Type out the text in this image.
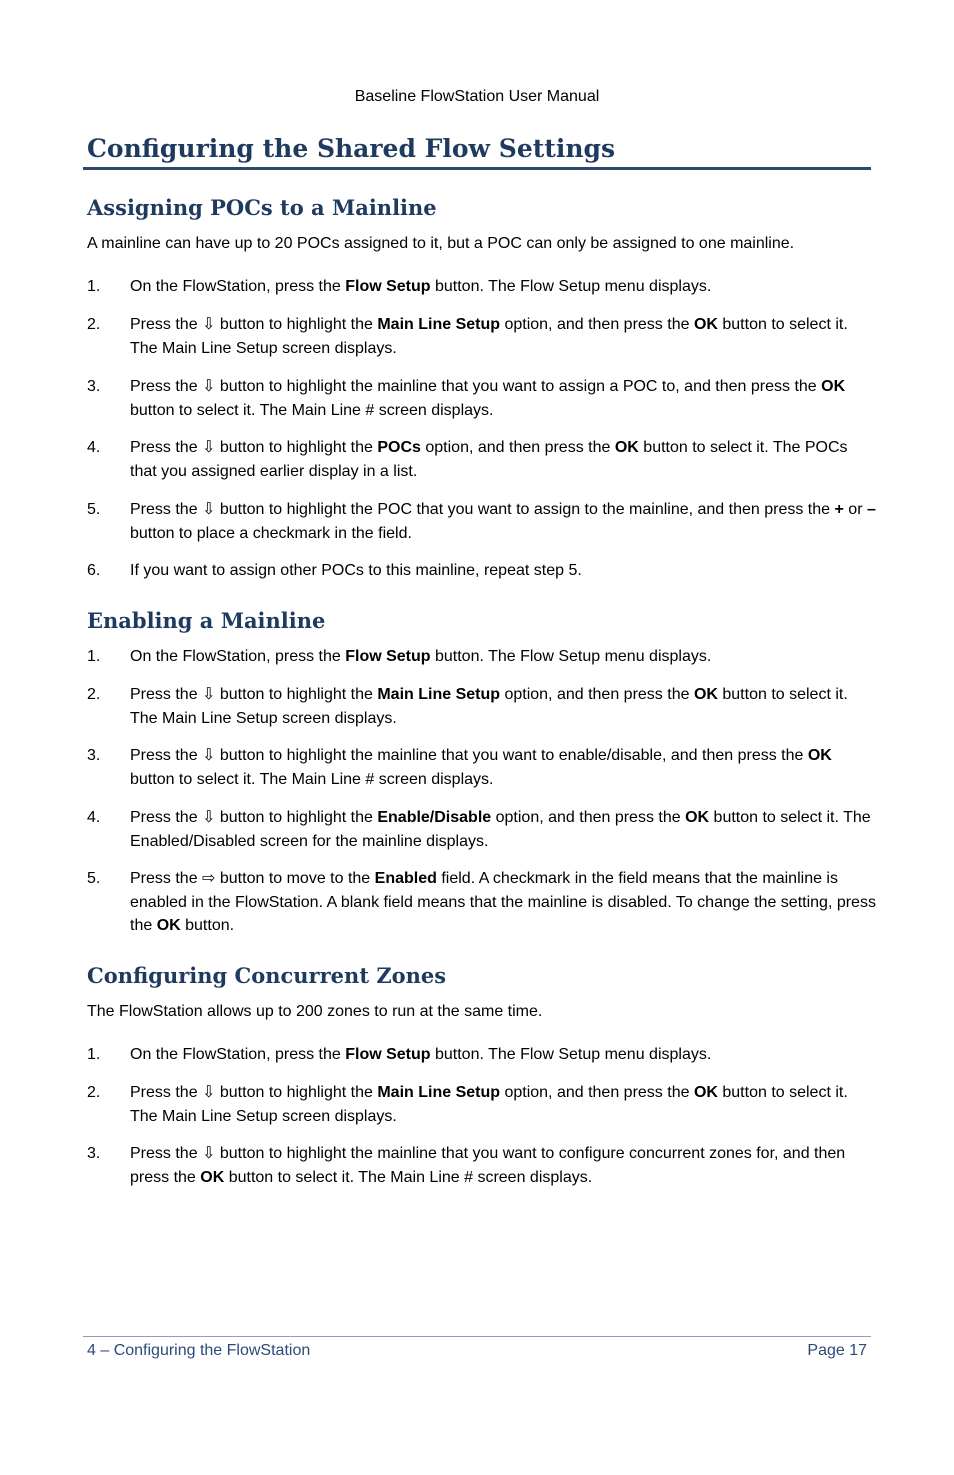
Baseline FlowStation User Manual
Configuring the Shared Flow Settings
Assigning POCs to a Mainline
A mainline can have up to 20 POCs assigned to it, but a POC can only be assigned to one mainline.
1. On the FlowStation, press the Flow Setup button. The Flow Setup menu displays.
2. Press the ⇩ button to highlight the Main Line Setup option, and then press the OK button to select it. The Main Line Setup screen displays.
3. Press the ⇩ button to highlight the mainline that you want to assign a POC to, and then press the OK button to select it. The Main Line # screen displays.
4. Press the ⇩ button to highlight the POCs option, and then press the OK button to select it. The POCs that you assigned earlier display in a list.
5. Press the ⇩ button to highlight the POC that you want to assign to the mainline, and then press the + or – button to place a checkmark in the field.
6. If you want to assign other POCs to this mainline, repeat step 5.
Enabling a Mainline
1. On the FlowStation, press the Flow Setup button. The Flow Setup menu displays.
2. Press the ⇩ button to highlight the Main Line Setup option, and then press the OK button to select it. The Main Line Setup screen displays.
3. Press the ⇩ button to highlight the mainline that you want to enable/disable, and then press the OK button to select it. The Main Line # screen displays.
4. Press the ⇩ button to highlight the Enable/Disable option, and then press the OK button to select it. The Enabled/Disabled screen for the mainline displays.
5. Press the ⇨ button to move to the Enabled field. A checkmark in the field means that the mainline is enabled in the FlowStation. A blank field means that the mainline is disabled. To change the setting, press the OK button.
Configuring Concurrent Zones
The FlowStation allows up to 200 zones to run at the same time.
1. On the FlowStation, press the Flow Setup button. The Flow Setup menu displays.
2. Press the ⇩ button to highlight the Main Line Setup option, and then press the OK button to select it. The Main Line Setup screen displays.
3. Press the ⇩ button to highlight the mainline that you want to configure concurrent zones for, and then press the OK button to select it. The Main Line # screen displays.
4 – Configuring the FlowStation	Page 17
